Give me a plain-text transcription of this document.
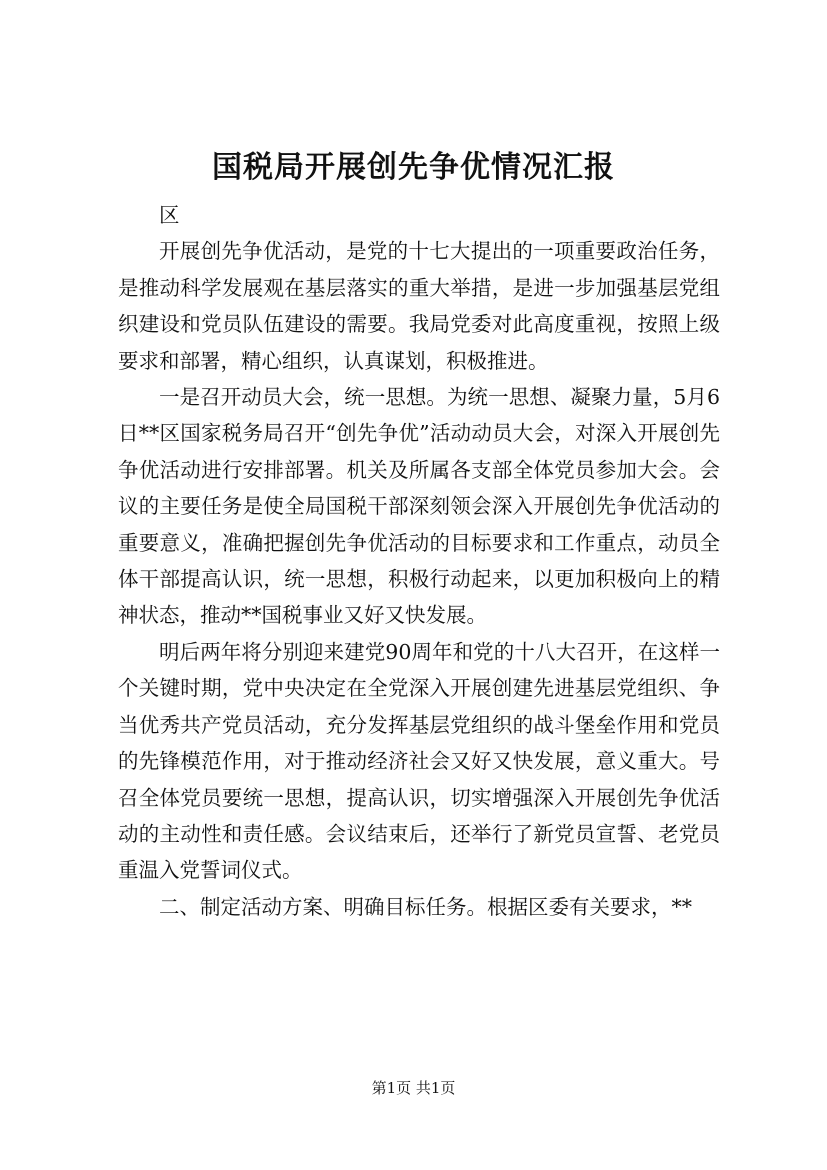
国税局开展创先争优情况汇报

区

开展创先争优活动，是党的十七大提出的一项重要政治任务，是推动科学发展观在基层落实的重大举措，是进一步加强基层党组织建设和党员队伍建设的需要。我局党委对此高度重视，按照上级要求和部署，精心组织，认真谋划，积极推进。

一是召开动员大会，统一思想。为统一思想、凝聚力量，5月6日**区国家税务局召开“创先争优”活动动员大会，对深入开展创先争优活动进行安排部署。机关及所属各支部全体党员参加大会。会议的主要任务是使全局国税干部深刻领会深入开展创先争优活动的重要意义，准确把握创先争优活动的目标要求和工作重点，动员全体干部提高认识，统一思想，积极行动起来，以更加积极向上的精神状态，推动**国税事业又好又快发展。

明后两年将分别迎来建党90周年和党的十八大召开，在这样一个关键时期，党中央决定在全党深入开展创建先进基层党组织、争当优秀共产党员活动，充分发挥基层党组织的战斗堡垒作用和党员的先锋模范作用，对于推动经济社会又好又快发展，意义重大。号召全体党员要统一思想，提高认识，切实增强深入开展创先争优活动的主动性和责任感。会议结束后，还举行了新党员宣誓、老党员重温入党誓词仪式。

二、制定活动方案、明确目标任务。根据区委有关要求，**

第1页 共1页
